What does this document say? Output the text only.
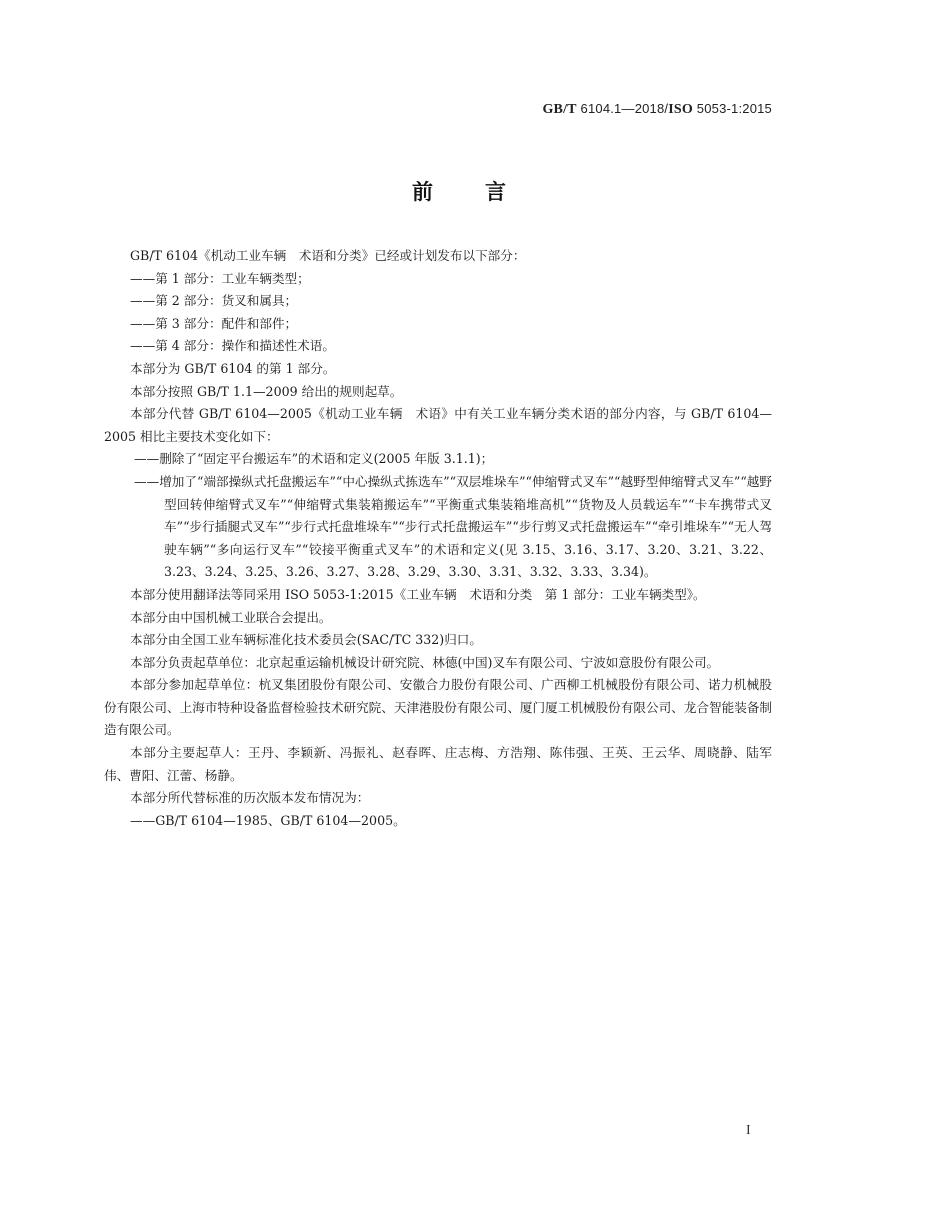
GB/T 6104.1—2018/ISO 5053-1:2015
前言

GB/T 6104《机动工业车辆　术语和分类》已经或计划发布以下部分：

——第 1 部分：工业车辆类型；

——第 2 部分：货叉和属具；

——第 3 部分：配件和部件；

——第 4 部分：操作和描述性术语。

本部分为 GB/T 6104 的第 1 部分。

本部分按照 GB/T 1.1—2009 给出的规则起草。

本部分代替 GB/T 6104—2005《机动工业车辆　术语》中有关工业车辆分类术语的部分内容，与 GB/T 6104—2005 相比主要技术变化如下：

——删除了“固定平台搬运车”的术语和定义(2005 年版 3.1.1)；

——增加了“端部操纵式托盘搬运车”“中心操纵式拣选车”“双层堆垛车”“伸缩臂式叉车”“越野型伸缩臂式叉车”“越野型回转伸缩臂式叉车”“伸缩臂式集装箱搬运车”“平衡重式集装箱堆高机”“货物及人员载运车”“卡车携带式叉车”“步行插腿式叉车”“步行式托盘堆垛车”“步行式托盘搬运车”“步行剪叉式托盘搬运车”“牵引堆垛车”“无人驾驶车辆”“多向运行叉车”“铰接平衡重式叉车”的术语和定义(见 3.15、3.16、3.17、3.20、3.21、3.22、3.23、3.24、3.25、3.26、3.27、3.28、3.29、3.30、3.31、3.32、3.33、3.34)。

本部分使用翻译法等同采用 ISO 5053-1:2015《工业车辆　术语和分类　第 1 部分：工业车辆类型》。

本部分由中国机械工业联合会提出。

本部分由全国工业车辆标准化技术委员会(SAC/TC 332)归口。

本部分负责起草单位：北京起重运输机械设计研究院、林德(中国)叉车有限公司、宁波如意股份有限公司。

本部分参加起草单位：杭叉集团股份有限公司、安徽合力股份有限公司、广西柳工机械股份有限公司、诺力机械股份有限公司、上海市特种设备监督检验技术研究院、天津港股份有限公司、厦门厦工机械股份有限公司、龙合智能装备制造有限公司。

本部分主要起草人：王丹、李颖新、冯振礼、赵春晖、庄志梅、方浩翔、陈伟强、王英、王云华、周晓静、陆军伟、曹阳、江蕾、杨静。

本部分所代替标准的历次版本发布情况为：

——GB/T 6104—1985、GB/T 6104—2005。

I
